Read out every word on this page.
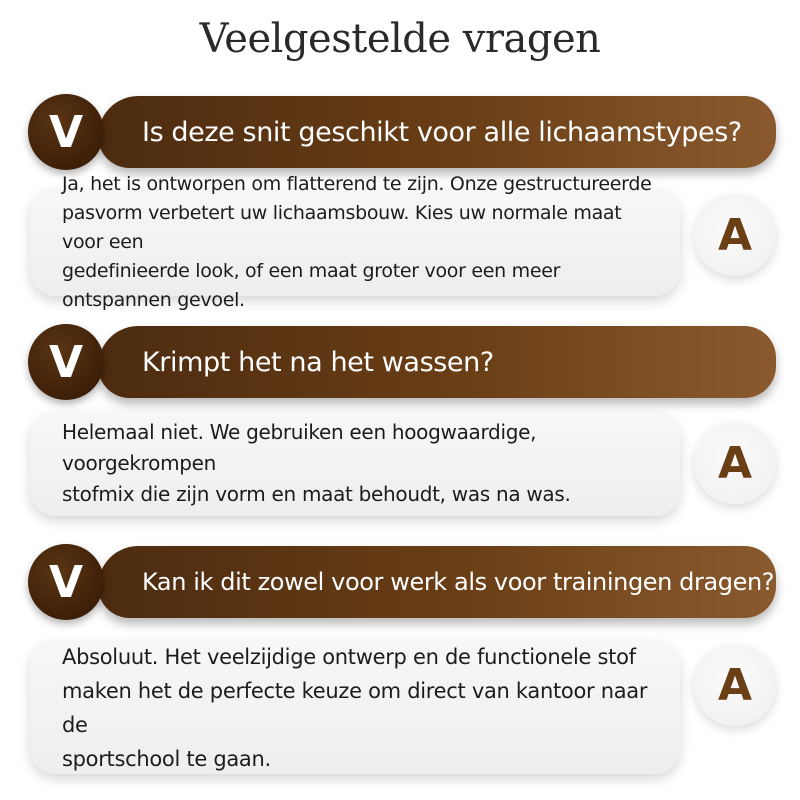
Veelgestelde vragen
V	Is deze snit geschikt voor alle lichaamstypes?
Ja, het is ontworpen om flatterend te zijn. Onze gestructureerde
pasvorm verbetert uw lichaamsbouw. Kies uw normale maat voor een
gedefinieerde look, of een maat groter voor een meer ontspannen gevoel.
A
V	Krimpt het na het wassen?
Helemaal niet. We gebruiken een hoogwaardige, voorgekrompen
stofmix die zijn vorm en maat behoudt, was na was.
A
V	Kan ik dit zowel voor werk als voor trainingen dragen?
Absoluut. Het veelzijdige ontwerp en de functionele stof
maken het de perfecte keuze om direct van kantoor naar de
sportschool te gaan.
A
